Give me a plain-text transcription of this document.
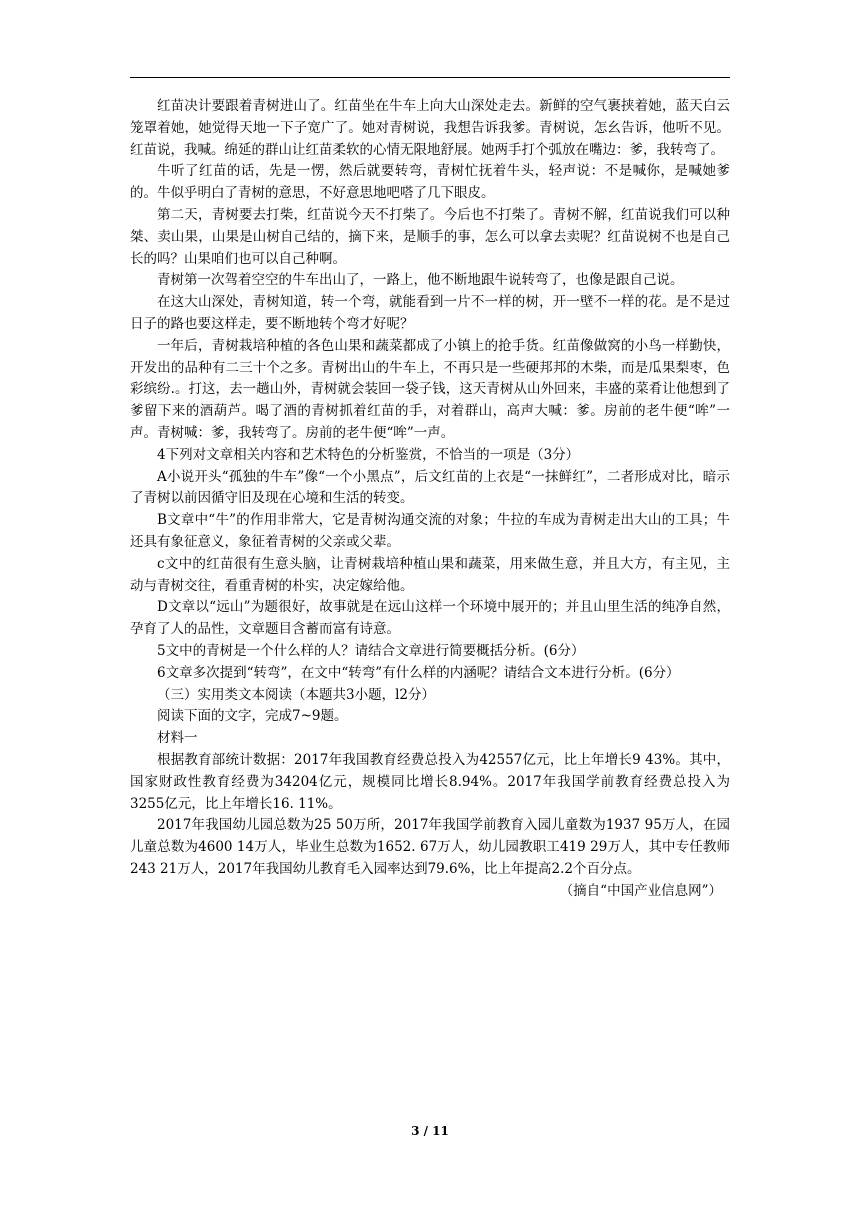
红苗决计要跟着青树进山了。红苗坐在牛车上向大山深处走去。新鲜的空气裹挟着她，蓝天白云笼罩着她，她觉得天地一下子宽广了。她对青树说，我想告诉我爹。青树说，怎幺告诉，他听不见。红苗说，我喊。绵延的群山让红苗柔软的心情无限地舒展。她两手打个弧放在嘴边：爹，我转弯了。

牛听了红苗的话，先是一愣，然后就要转弯，青树忙抚着牛头，轻声说：不是喊你，是喊她爹的。牛似乎明白了青树的意思，不好意思地吧嗒了几下眼皮。

第二天，青树要去打柴，红苗说今天不打柴了。今后也不打柴了。青树不解，红苗说我们可以种桀、卖山果，山果是山树自己结的，摘下来，是顺手的事，怎么可以拿去卖呢？红苗说树不也是自己长的吗？山果咱们也可以自己种啊。

青树第一次驾着空空的牛车出山了，一路上，他不断地跟牛说转弯了，也像是跟自己说。

在这大山深处，青树知道，转一个弯，就能看到一片不一样的树，开一壁不一样的花。是不是过日子的路也要这样走，要不断地转个弯才好呢？

一年后，青树栽培种植的各色山果和蔬菜都成了小镇上的抢手货。红苗像做窝的小鸟一样勤快，开发出的品种有二三十个之多。青树出山的牛车上，不再只是一些硬邦邦的木柴，而是瓜果梨枣，色彩缤纷.。打这，去一趟山外，青树就会装回一袋子钱，这天青树从山外回来，丰盛的菜肴让他想到了爹留下来的酒葫芦。喝了酒的青树抓着红苗的手，对着群山，高声大喊：爹。房前的老牛便“哞”一声。青树喊：爹，我转弯了。房前的老牛便“哞”一声。

4下列对文章相关内容和艺术特色的分析鉴赏，不恰当的一项是（3分）

A小说开头“孤独的牛车”像“一个小黑点”，后文红苗的上衣是“一抹鲜红”，二者形成对比，暗示了青树以前因循守旧及现在心境和生活的转变。

B文章中“牛”的作用非常大，它是青树沟通交流的对象；牛拉的车成为青树走出大山的工具；牛还具有象征意义，象征着青树的父亲或父辈。

c文中的红苗很有生意头脑，让青树栽培种植山果和蔬菜，用来做生意，并且大方，有主见，主动与青树交往，看重青树的朴实，决定嫁给他。

D文章以“远山”为题很好，故事就是在远山这样一个环境中展开的；并且山里生活的纯净自然，孕育了人的品性，文章题目含蓄而富有诗意。

5文中的青树是一个什么样的人？请结合文章进行简要概括分析。(6分）

6文章多次提到“转弯”，在文中“转弯”有什么样的内涵呢？请结合文本进行分析。(6分）

（三）实用类文本阅读（本题共3小题，l2分）

阅读下面的文字，完成7~9题。

材料一

根据教育部统计数据：2017年我国教育经费总投入为42557亿元，比上年增长9 43%。其中，国家财政性教育经费为34204亿元，规模同比增长8.94%。2017年我国学前教育经费总投入为3255亿元，比上年增长16. 11%。

2017年我国幼儿园总数为25 50万所，2017年我国学前教育入园儿童数为1937 95万人，在园儿童总数为4600 14万人，毕业生总数为1652. 67万人，幼儿园教职工419 29万人，其中专任教师243 21万人，2017年我国幼儿教育毛入园率达到79.6%，比上年提高2.2个百分点。

（摘自“中国产业信息网”）

3 / 11
